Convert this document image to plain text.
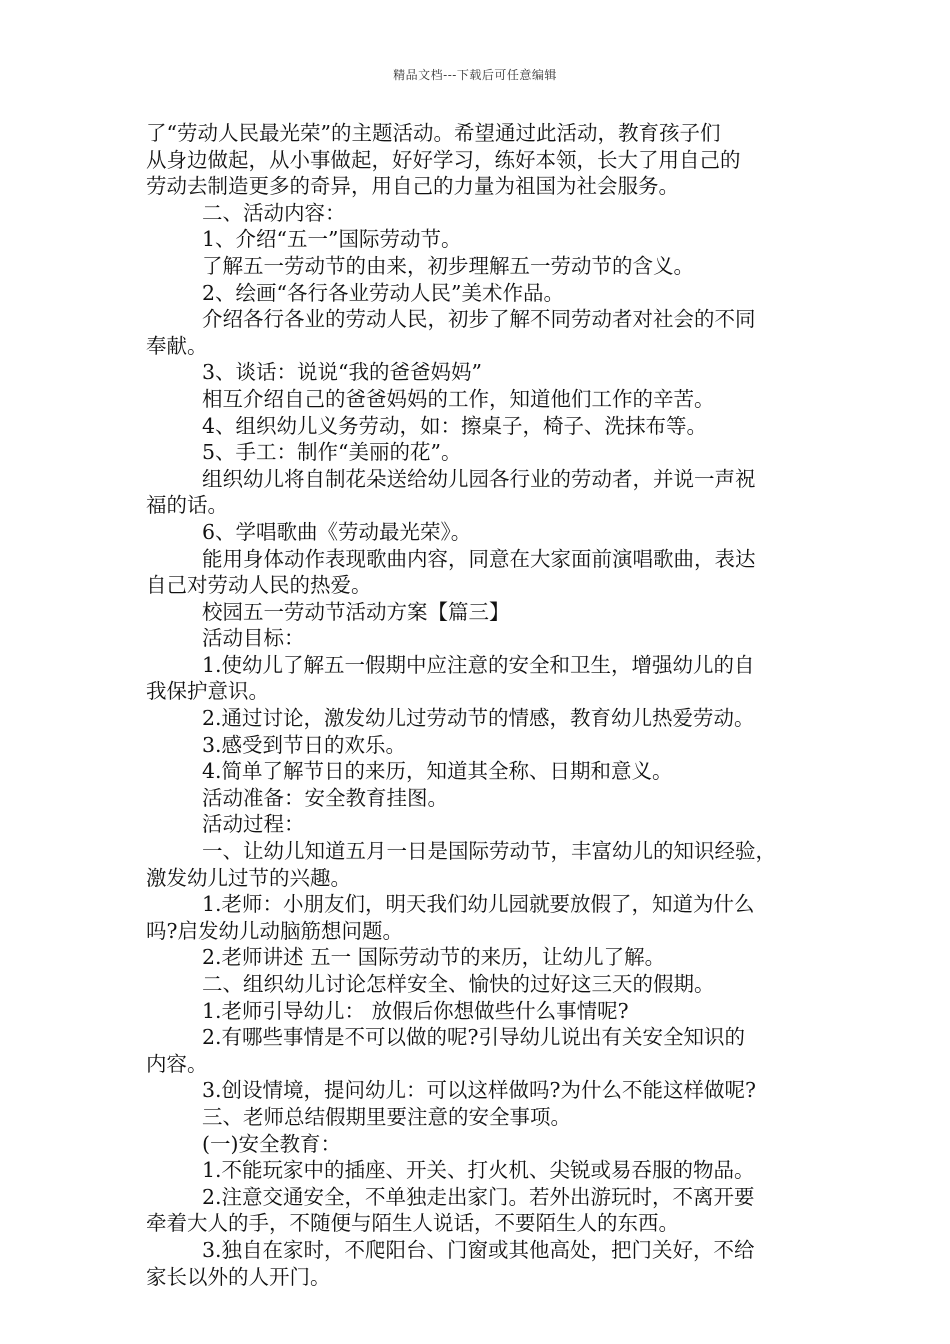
精品文档---下载后可任意编辑
了“劳动人民最光荣”的主题活动。希望通过此活动，教育孩子们
从身边做起，从小事做起，好好学习，练好本领，长大了用自己的
劳动去制造更多的奇异，用自己的力量为祖国为社会服务。
二、活动内容：
1、介绍“五一”国际劳动节。
了解五一劳动节的由来，初步理解五一劳动节的含义。
2、绘画“各行各业劳动人民”美术作品。
介绍各行各业的劳动人民，初步了解不同劳动者对社会的不同
奉献。
3、谈话：说说“我的爸爸妈妈”
相互介绍自己的爸爸妈妈的工作，知道他们工作的辛苦。
4、组织幼儿义务劳动，如：擦桌子，椅子、洗抹布等。
5、手工：制作“美丽的花”。
组织幼儿将自制花朵送给幼儿园各行业的劳动者，并说一声祝
福的话。
6、学唱歌曲《劳动最光荣》。
能用身体动作表现歌曲内容，同意在大家面前演唱歌曲，表达
自己对劳动人民的热爱。
校园五一劳动节活动方案【篇三】
活动目标：
1.使幼儿了解五一假期中应注意的安全和卫生，增强幼儿的自
我保护意识。
2.通过讨论，激发幼儿过劳动节的情感，教育幼儿热爱劳动。
3.感受到节日的欢乐。
4.简单了解节日的来历，知道其全称、日期和意义。
活动准备：安全教育挂图。
活动过程：
一、让幼儿知道五月一日是国际劳动节，丰富幼儿的知识经验，
激发幼儿过节的兴趣。
1.老师：小朋友们，明天我们幼儿园就要放假了，知道为什么
吗?启发幼儿动脑筋想问题。
2.老师讲述 五一 国际劳动节的来历，让幼儿了解。
二、组织幼儿讨论怎样安全、愉快的过好这三天的假期。
1.老师引导幼儿： 放假后你想做些什么事情呢?
2.有哪些事情是不可以做的呢?引导幼儿说出有关安全知识的
内容。
3.创设情境，提问幼儿：可以这样做吗?为什么不能这样做呢?
三、老师总结假期里要注意的安全事项。
(一)安全教育：
1.不能玩家中的插座、开关、打火机、尖锐或易吞服的物品。
2.注意交通安全，不单独走出家门。若外出游玩时，不离开要
牵着大人的手，不随便与陌生人说话，不要陌生人的东西。
3.独自在家时，不爬阳台、门窗或其他高处，把门关好，不给
家长以外的人开门。
